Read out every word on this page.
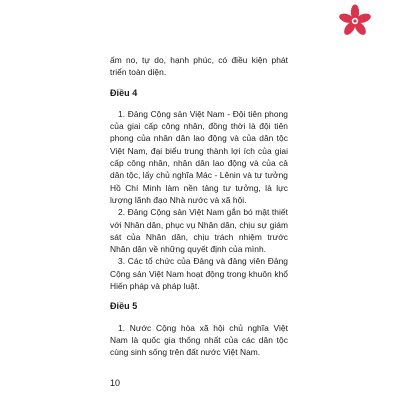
ấm no, tự do, hạnh phúc, có điều kiện phát triển toàn diện.

Điều 4

1. Đảng Cộng sản Việt Nam - Đội tiên phong của giai cấp công nhân, đồng thời là đội tiên phong của nhân dân lao động và của dân tộc Việt Nam, đại biểu trung thành lợi ích của giai cấp công nhân, nhân dân lao động và của cả dân tộc, lấy chủ nghĩa Mác - Lênin và tư tưởng Hồ Chí Minh làm nền tảng tư tưởng, là lực lượng lãnh đạo Nhà nước và xã hội.

2. Đảng Cộng sản Việt Nam gắn bó mật thiết với Nhân dân, phục vụ Nhân dân, chịu sự giám sát của Nhân dân, chịu trách nhiệm trước Nhân dân về những quyết định của mình.

3. Các tổ chức của Đảng và đảng viên Đảng Cộng sản Việt Nam hoạt động trong khuôn khổ Hiến pháp và pháp luật.

Điều 5

1. Nước Cộng hòa xã hội chủ nghĩa Việt Nam là quốc gia thống nhất của các dân tộc cùng sinh sống trên đất nước Việt Nam.

10
